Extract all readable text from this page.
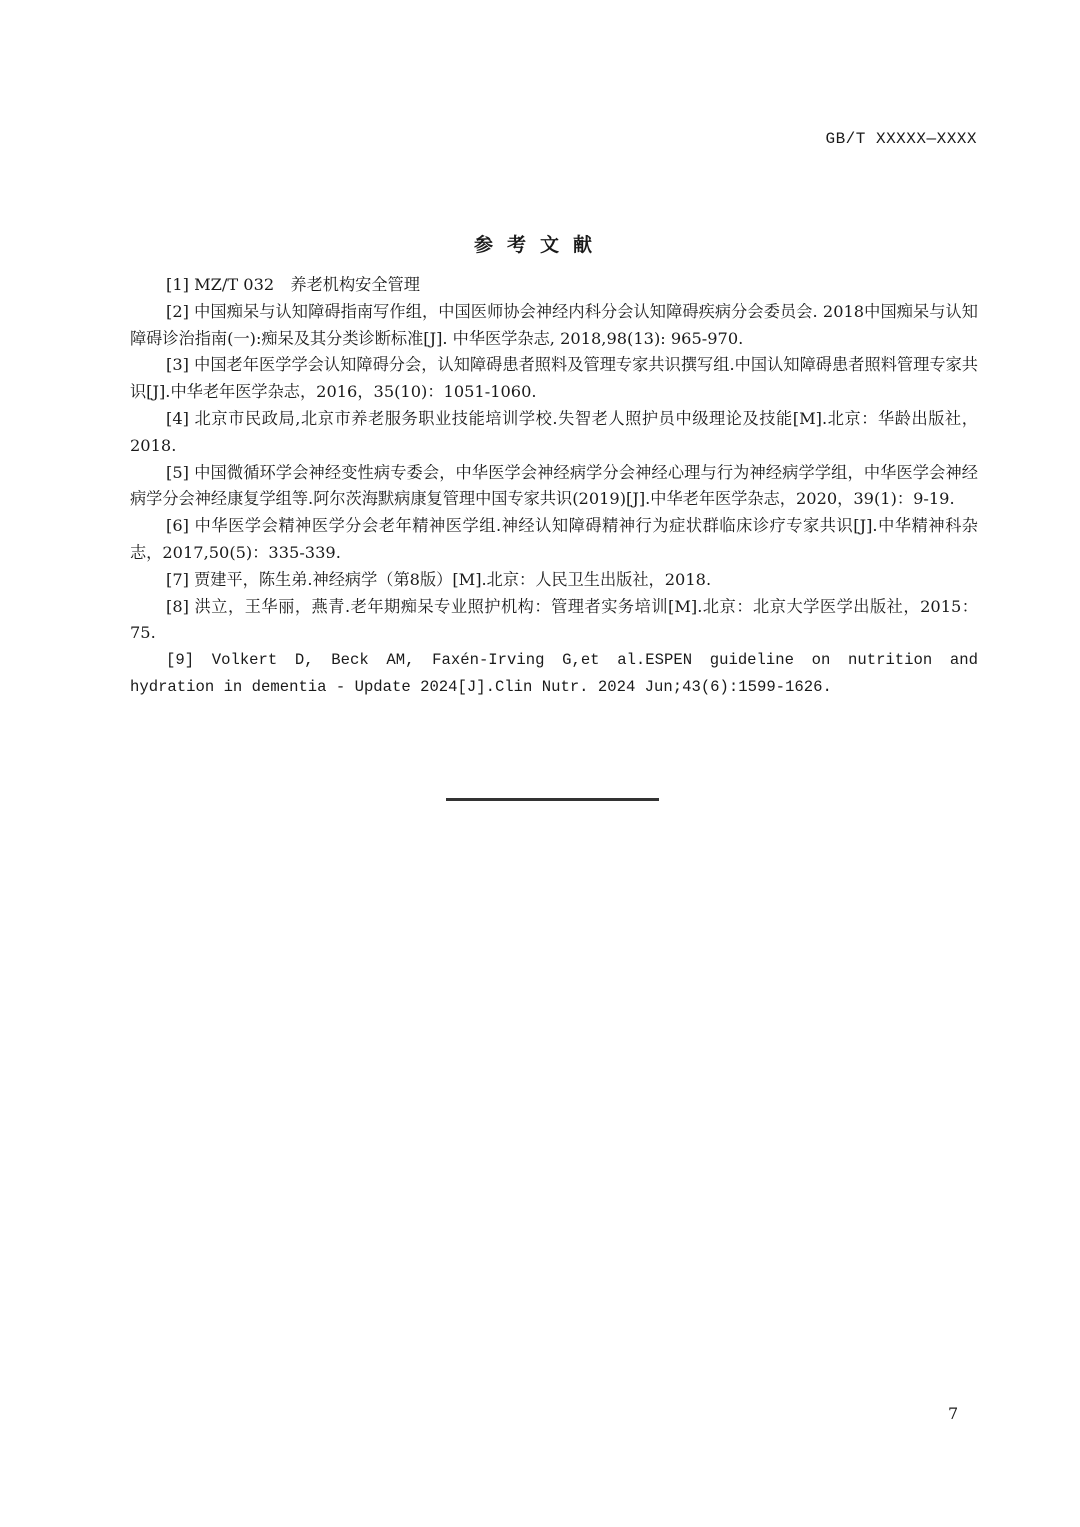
GB/T XXXXX—XXXX
参考文献

[1] MZ/T 032　养老机构安全管理

[2] 中国痴呆与认知障碍指南写作组，中国医师协会神经内科分会认知障碍疾病分会委员会. 2018中国痴呆与认知障碍诊治指南(一):痴呆及其分类诊断标准[J]. 中华医学杂志, 2018,98(13): 965-970.

[3] 中国老年医学学会认知障碍分会，认知障碍患者照料及管理专家共识撰写组.中国认知障碍患者照料管理专家共识[J].中华老年医学杂志，2016，35(10)：1051-1060.

[4] 北京市民政局,北京市养老服务职业技能培训学校.失智老人照护员中级理论及技能[M].北京：华龄出版社，2018.

[5] 中国微循环学会神经变性病专委会，中华医学会神经病学分会神经心理与行为神经病学学组，中华医学会神经病学分会神经康复学组等.阿尔茨海默病康复管理中国专家共识(2019)[J].中华老年医学杂志，2020，39(1)：9-19.

[6] 中华医学会精神医学分会老年精神医学组.神经认知障碍精神行为症状群临床诊疗专家共识[J].中华精神科杂志，2017,50(5)：335-339.

[7] 贾建平，陈生弟.神经病学（第8版）[M].北京：人民卫生出版社，2018.

[8] 洪立，王华丽，燕青.老年期痴呆专业照护机构：管理者实务培训[M].北京：北京大学医学出版社，2015：75.

[9] Volkert D, Beck AM, Faxén-Irving G,et al.ESPEN guideline on nutrition and hydration in dementia - Update 2024[J].Clin Nutr. 2024 Jun;43(6):1599-1626.

7
